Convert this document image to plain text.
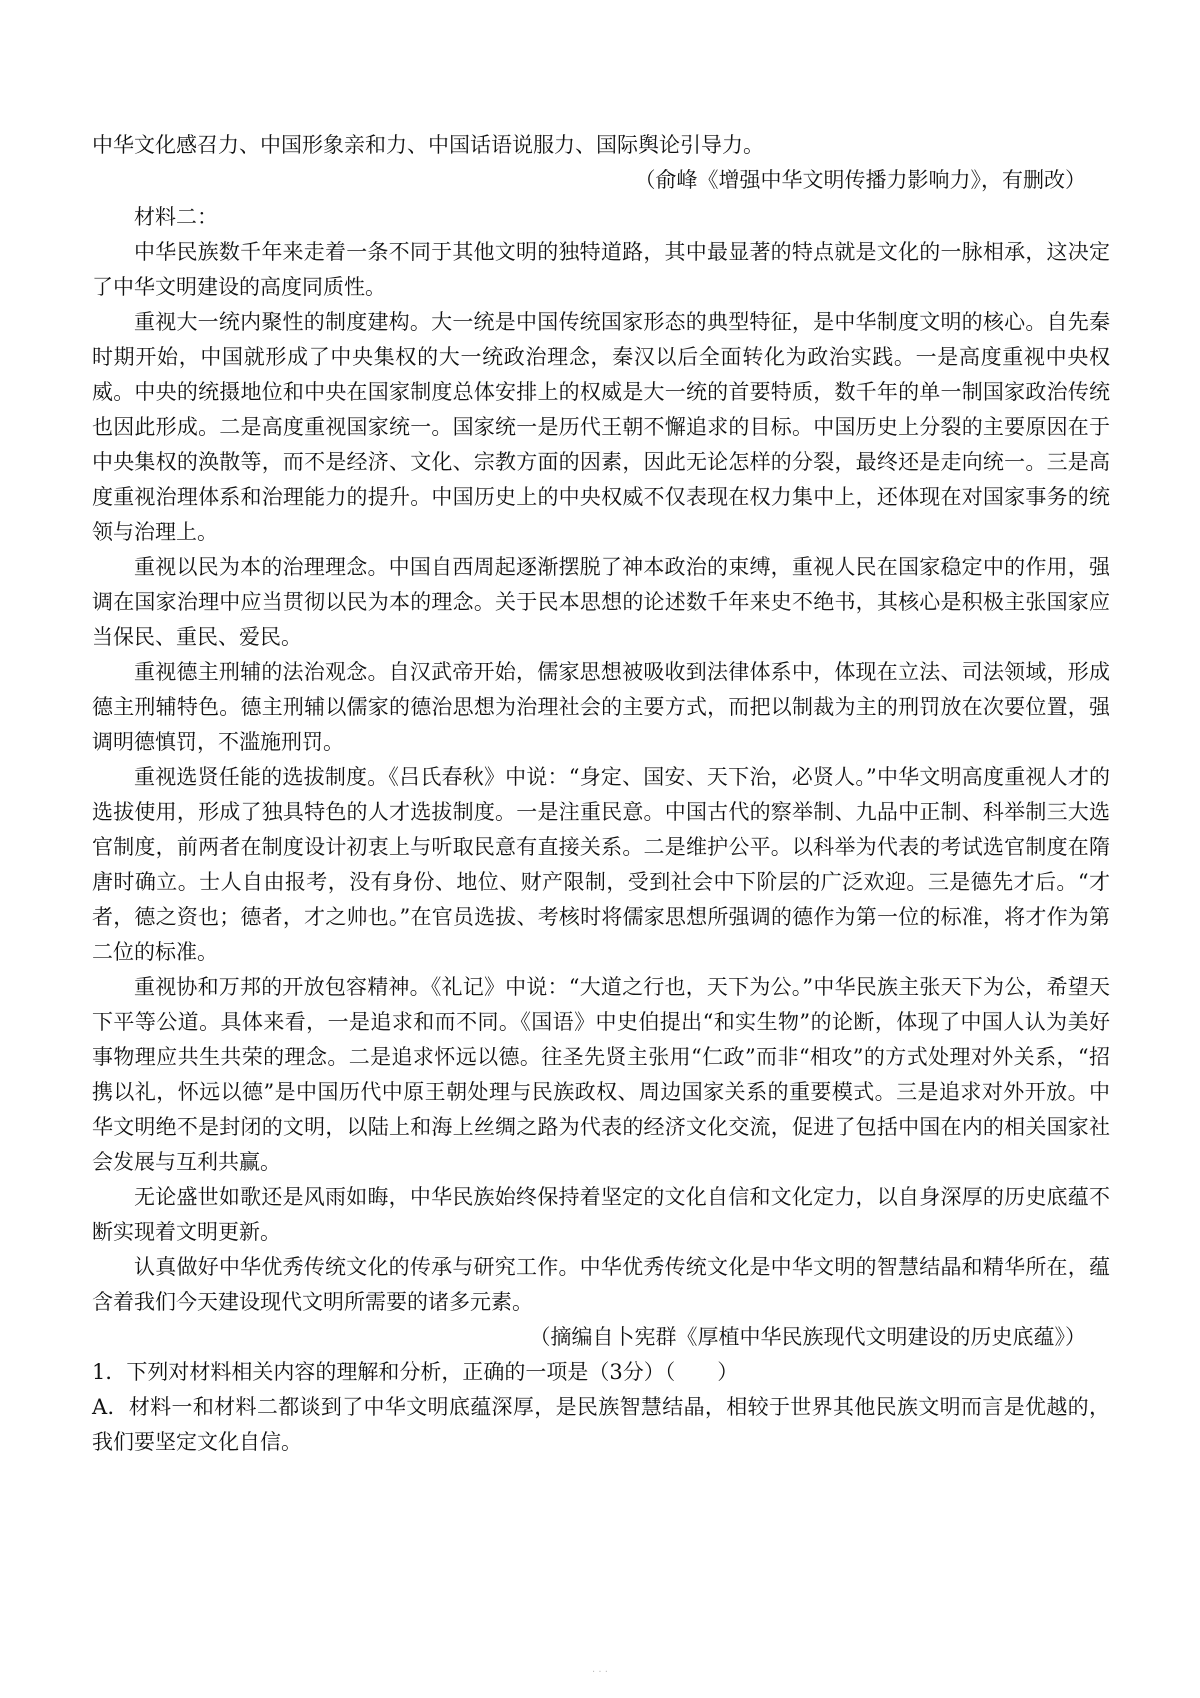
中华文化感召力、中国形象亲和力、中国话语说服力、国际舆论引导力。

（俞峰《增强中华文明传播力影响力》，有删改）

材料二：

中华民族数千年来走着一条不同于其他文明的独特道路，其中最显著的特点就是文化的一脉相承，这决定了中华文明建设的高度同质性。

重视大一统内聚性的制度建构。大一统是中国传统国家形态的典型特征，是中华制度文明的核心。自先秦时期开始，中国就形成了中央集权的大一统政治理念，秦汉以后全面转化为政治实践。一是高度重视中央权威。中央的统摄地位和中央在国家制度总体安排上的权威是大一统的首要特质，数千年的单一制国家政治传统也因此形成。二是高度重视国家统一。国家统一是历代王朝不懈追求的目标。中国历史上分裂的主要原因在于中央集权的涣散等，而不是经济、文化、宗教方面的因素，因此无论怎样的分裂，最终还是走向统一。三是高度重视治理体系和治理能力的提升。中国历史上的中央权威不仅表现在权力集中上，还体现在对国家事务的统领与治理上。

重视以民为本的治理理念。中国自西周起逐渐摆脱了神本政治的束缚，重视人民在国家稳定中的作用，强调在国家治理中应当贯彻以民为本的理念。关于民本思想的论述数千年来史不绝书，其核心是积极主张国家应当保民、重民、爱民。

重视德主刑辅的法治观念。自汉武帝开始，儒家思想被吸收到法律体系中，体现在立法、司法领域，形成德主刑辅特色。德主刑辅以儒家的德治思想为治理社会的主要方式，而把以制裁为主的刑罚放在次要位置，强调明德慎罚，不滥施刑罚。

重视选贤任能的选拔制度。《吕氏春秋》中说：“身定、国安、天下治，必贤人。”中华文明高度重视人才的选拔使用，形成了独具特色的人才选拔制度。一是注重民意。中国古代的察举制、九品中正制、科举制三大选官制度，前两者在制度设计初衷上与听取民意有直接关系。二是维护公平。以科举为代表的考试选官制度在隋唐时确立。士人自由报考，没有身份、地位、财产限制，受到社会中下阶层的广泛欢迎。三是德先才后。“才者，德之资也；德者，才之帅也。”在官员选拔、考核时将儒家思想所强调的德作为第一位的标准，将才作为第二位的标准。

重视协和万邦的开放包容精神。《礼记》中说：“大道之行也，天下为公。”中华民族主张天下为公，希望天下平等公道。具体来看，一是追求和而不同。《国语》中史伯提出“和实生物”的论断，体现了中国人认为美好事物理应共生共荣的理念。二是追求怀远以德。往圣先贤主张用“仁政”而非“相攻”的方式处理对外关系，“招携以礼，怀远以德”是中国历代中原王朝处理与民族政权、周边国家关系的重要模式。三是追求对外开放。中华文明绝不是封闭的文明，以陆上和海上丝绸之路为代表的经济文化交流，促进了包括中国在内的相关国家社会发展与互利共赢。

无论盛世如歌还是风雨如晦，中华民族始终保持着坚定的文化自信和文化定力，以自身深厚的历史底蕴不断实现着文明更新。

认真做好中华优秀传统文化的传承与研究工作。中华优秀传统文化是中华文明的智慧结晶和精华所在，蕴含着我们今天建设现代文明所需要的诸多元素。

（摘编自卜宪群《厚植中华民族现代文明建设的历史底蕴》）

1．下列对材料相关内容的理解和分析，正确的一项是（3分）（　　）

A．材料一和材料二都谈到了中华文明底蕴深厚，是民族智慧结晶，相较于世界其他民族文明而言是优越的，我们要坚定文化自信。

· · ·
